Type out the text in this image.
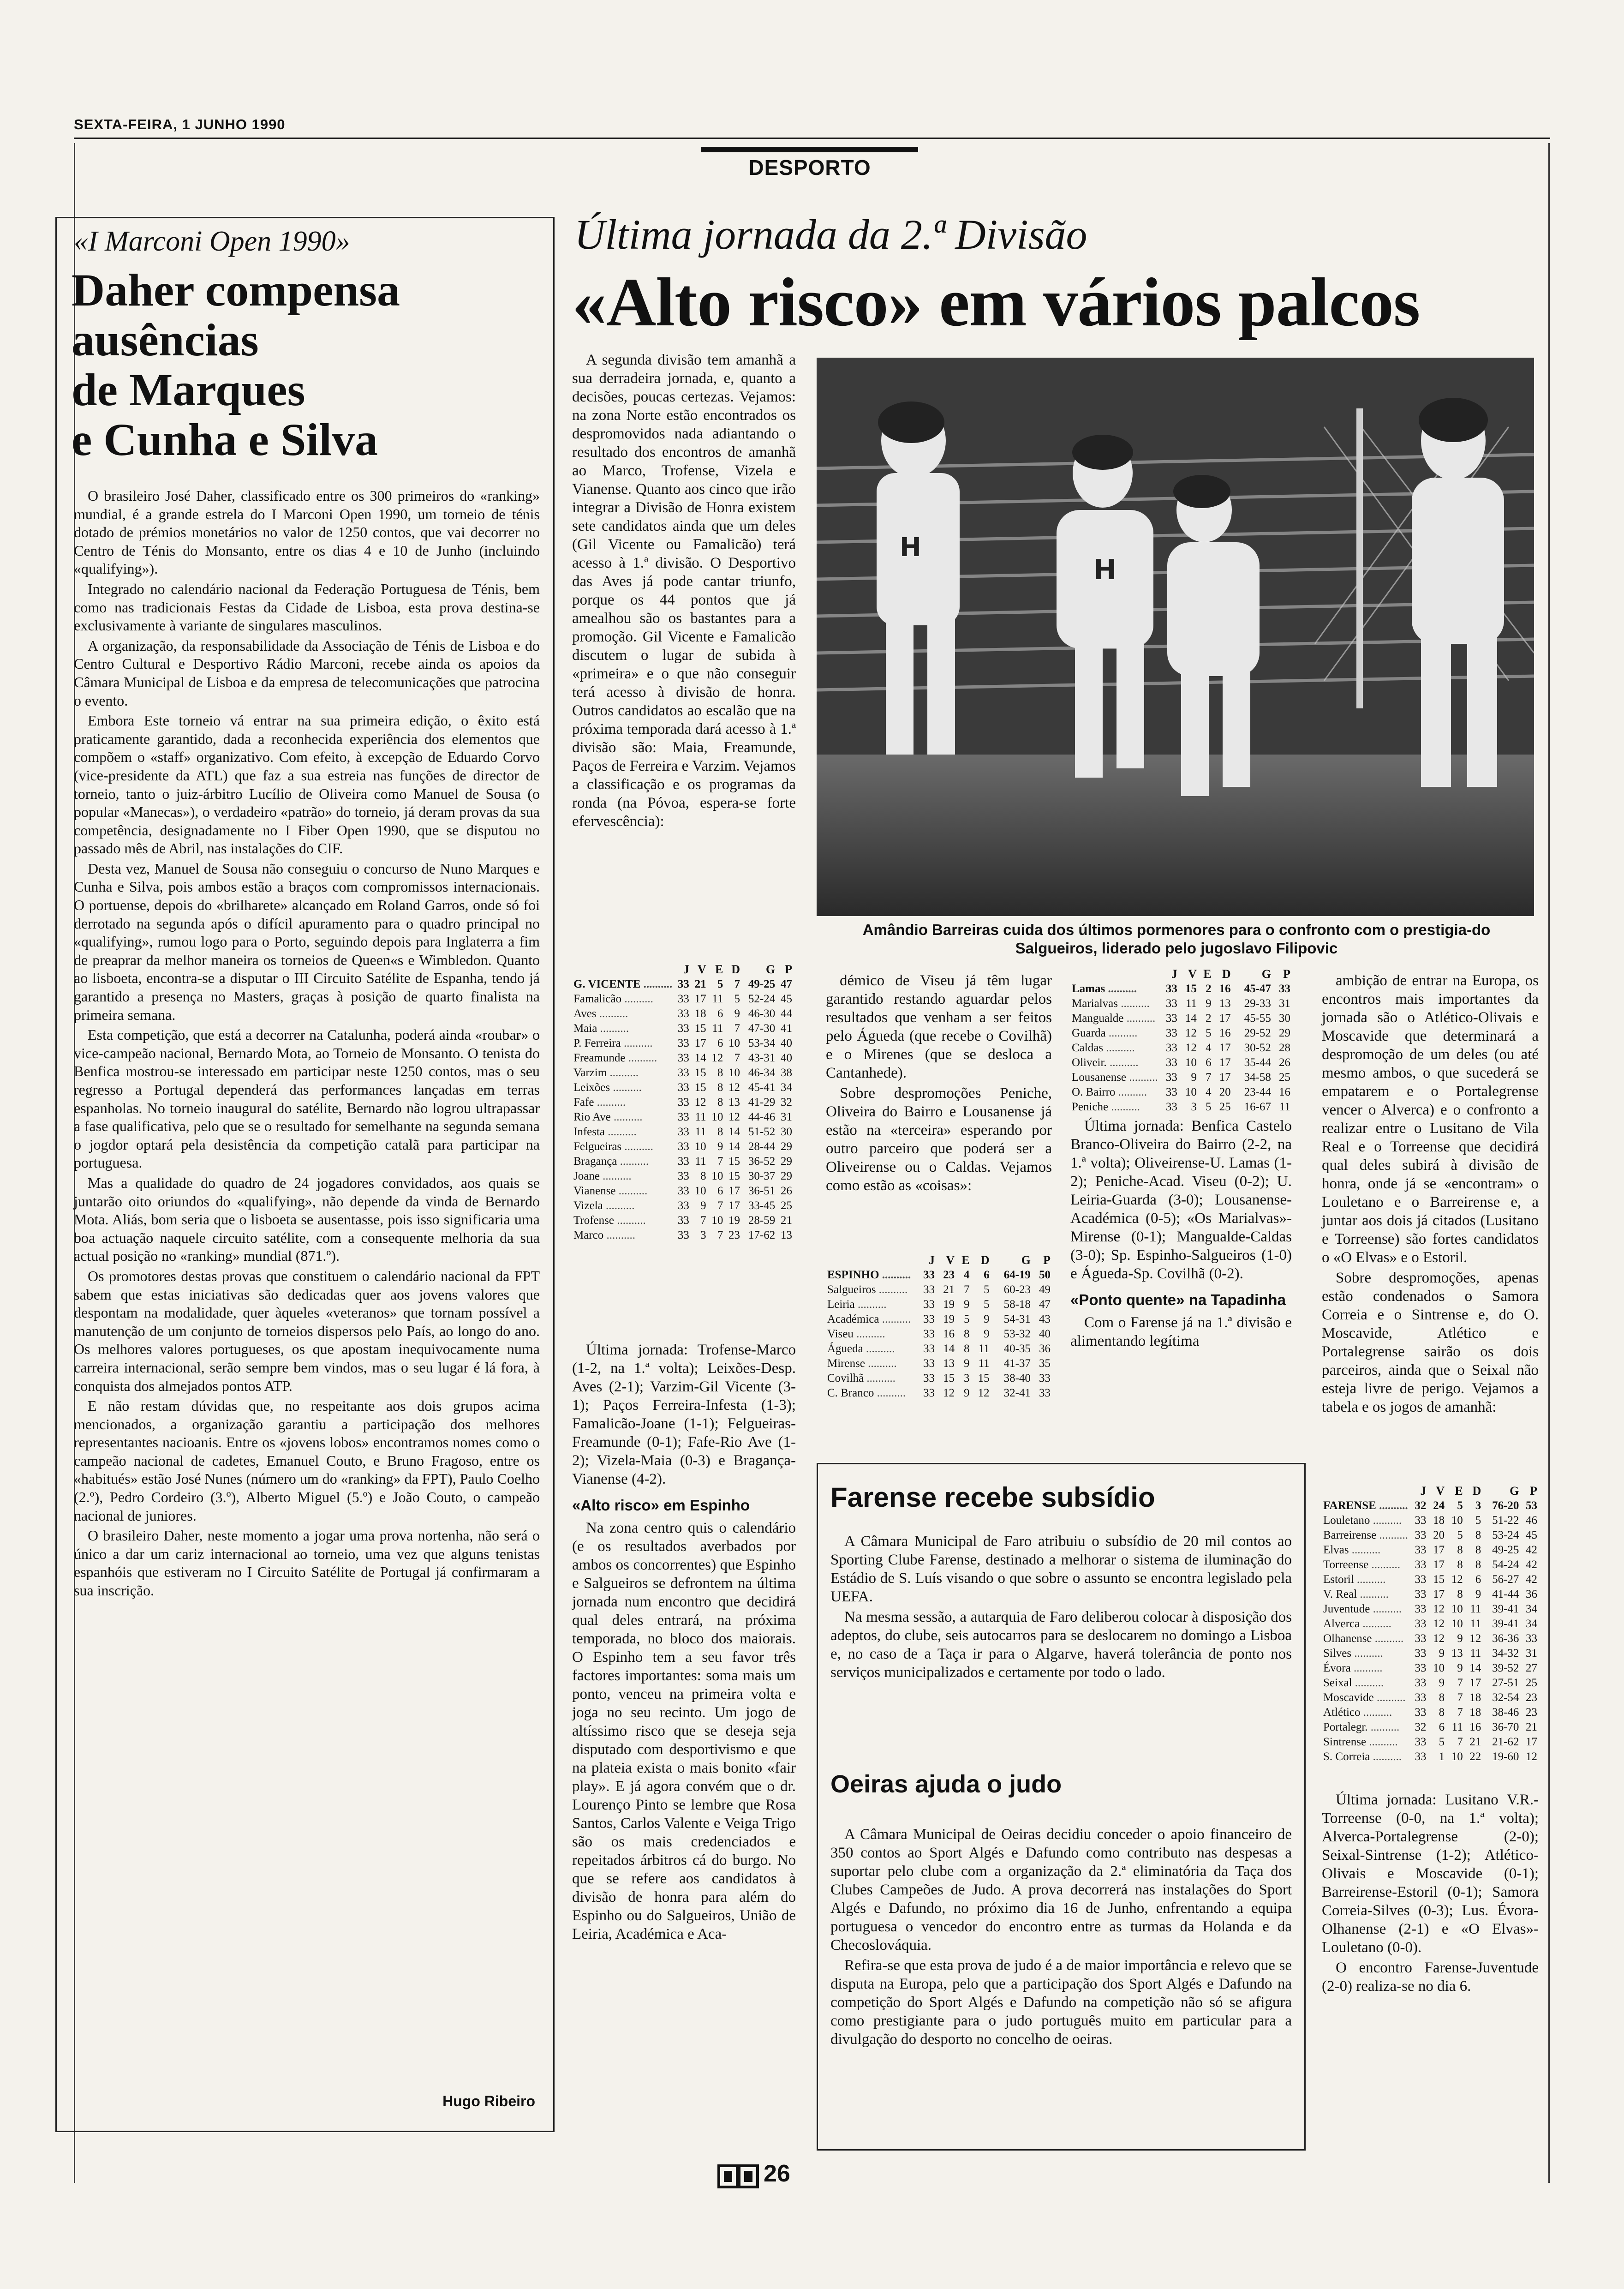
SEXTA-FEIRA, 1 JUNHO 1990
DESPORTO
«I Marconi Open 1990»
Daher compensa
ausências
de Marques
e Cunha e Silva

O brasileiro José Daher, classificado entre os 300 primeiros do «ranking» mundial, é a grande estrela do I Marconi Open 1990, um torneio de ténis dotado de prémios monetários no valor de 1250 contos, que vai decorrer no Centro de Ténis do Monsanto, entre os dias 4 e 10 de Junho (incluindo «qualifying»).

Integrado no calendário nacional da Federação Portuguesa de Ténis, bem como nas tradicionais Festas da Cidade de Lisboa, esta prova destina-se exclusivamente à variante de singulares masculinos.

A organização, da responsabilidade da Associação de Ténis de Lisboa e do Centro Cultural e Desportivo Rádio Marconi, recebe ainda os apoios da Câmara Municipal de Lisboa e da empresa de telecomunicações que patrocina o evento.

Embora Este torneio vá entrar na sua primeira edição, o êxito está praticamente garantido, dada a reconhecida experiência dos elementos que compõem o «staff» organizativo. Com efeito, à excepção de Eduardo Corvo (vice-presidente da ATL) que faz a sua estreia nas funções de director de torneio, tanto o juiz-árbitro Lucílio de Oliveira como Manuel de Sousa (o popular «Manecas»), o verdadeiro «patrão» do torneio, já deram provas da sua competência, designadamente no I Fiber Open 1990, que se disputou no passado mês de Abril, nas instalações do CIF.

Desta vez, Manuel de Sousa não conseguiu o concurso de Nuno Marques e Cunha e Silva, pois ambos estão a braços com compromissos internacionais. O portuense, depois do «brilharete» alcançado em Roland Garros, onde só foi derrotado na segunda após o difícil apuramento para o quadro principal no «qualifying», rumou logo para o Porto, seguindo depois para Inglaterra a fim de preaprar da melhor maneira os torneios de Queen«s e Wimbledon. Quanto ao lisboeta, encontra-se a disputar o III Circuito Satélite de Espanha, tendo já garantido a presença no Masters, graças à posição de quarto finalista na primeira semana.

Esta competição, que está a decorrer na Catalunha, poderá ainda «roubar» o vice-campeão nacional, Bernardo Mota, ao Torneio de Monsanto. O tenista do Benfica mostrou-se interessado em participar neste 1250 contos, mas o seu regresso a Portugal dependerá das performances lançadas em terras espanholas. No torneio inaugural do satélite, Bernardo não logrou ultrapassar a fase qualificativa, pelo que se o resultado for semelhante na segunda semana o jogdor optará pela desistência da competição catalã para participar na portuguesa.

Mas a qualidade do quadro de 24 jogadores convidados, aos quais se juntarão oito oriundos do «qualifying», não depende da vinda de Bernardo Mota. Aliás, bom seria que o lisboeta se ausentasse, pois isso significaria uma boa actuação naquele circuito satélite, com a consequente melhoria da sua actual posição no «ranking» mundial (871.º).

Os promotores destas provas que constituem o calendário nacional da FPT sabem que estas iniciativas são dedicadas quer aos jovens valores que despontam na modalidade, quer àqueles «veteranos» que tornam possível a manutenção de um conjunto de torneios dispersos pelo País, ao longo do ano. Os melhores valores portugueses, os que apostam inequivocamente numa carreira internacional, serão sempre bem vindos, mas o seu lugar é lá fora, à conquista dos almejados pontos ATP.

E não restam dúvidas que, no respeitante aos dois grupos acima mencionados, a organização garantiu a participação dos melhores representantes nacioanis. Entre os «jovens lobos» encontramos nomes como o campeão nacional de cadetes, Emanuel Couto, e Bruno Fragoso, entre os «habitués» estão José Nunes (número um do «ranking» da FPT), Paulo Coelho (2.º), Pedro Cordeiro (3.º), Alberto Miguel (5.º) e João Couto, o campeão nacional de juniores.

O brasileiro Daher, neste momento a jogar uma prova nortenha, não será o único a dar um cariz internacional ao torneio, uma vez que alguns tenistas espanhóis que estiveram no I Circuito Satélite de Portugal já confirmaram a sua inscrição.

Hugo Ribeiro
Última jornada da 2.ª Divisão
«Alto risco» em vários palcos

A segunda divisão tem amanhã a sua derradeira jornada, e, quanto a decisões, poucas certezas. Vejamos: na zona Norte estão encontrados os despromovidos nada adiantando o resultado dos encontros de amanhã ao Marco, Trofense, Vizela e Vianense. Quanto aos cinco que irão integrar a Divisão de Honra existem sete candidatos ainda que um deles (Gil Vicente ou Famalicão) terá acesso à 1.ª divisão. O Desportivo das Aves já pode cantar triunfo, porque os 44 pontos que já amealhou são os bastantes para a promoção. Gil Vicente e Famalicão discutem o lugar de subida à «primeira» e o que não conseguir terá acesso à divisão de honra. Outros candidatos ao escalão que na próxima temporada dará acesso à 1.ª divisão são: Maia, Freamunde, Paços de Ferreira e Varzim. Vejamos a classificação e os programas da ronda (na Póvoa, espera-se forte efervescência):

H
H
Amândio Barreiras cuida dos últimos pormenores para o confronto com o prestigia-do Salgueiros, liderado pelo jugoslavo Filipovic
	J	V	E	D	G	P
G. VICENTE ..........	33	21	5	7	49-25	47
Famalicão ..........	33	17	11	5	52-24	45
Aves ..........	33	18	6	9	46-30	44
Maia ..........	33	15	11	7	47-30	41
P. Ferreira ..........	33	17	6	10	53-34	40
Freamunde ..........	33	14	12	7	43-31	40
Varzim ..........	33	15	8	10	46-34	38
Leixões ..........	33	15	8	12	45-41	34
Fafe ..........	33	12	8	13	41-29	32
Rio Ave ..........	33	11	10	12	44-46	31
Infesta ..........	33	11	8	14	51-52	30
Felgueiras ..........	33	10	9	14	28-44	29
Bragança ..........	33	11	7	15	36-52	29
Joane ..........	33	8	10	15	30-37	29
Vianense ..........	33	10	6	17	36-51	26
Vizela ..........	33	9	7	17	33-45	25
Trofense ..........	33	7	10	19	28-59	21
Marco ..........	33	3	7	23	17-62	13

Última jornada: Trofense-Marco (1-2, na 1.ª volta); Leixões-Desp. Aves (2-1); Varzim-Gil Vicente (3-1); Paços Ferreira-Infesta (1-3); Famalicão-Joane (1-1); Felgueiras-Freamunde (0-1); Fafe-Rio Ave (1-2); Vizela-Maia (0-3) e Bragança-Vianense (4-2).

«Alto risco» em Espinho

Na zona centro quis o calendário (e os resultados averbados por ambos os concorrentes) que Espinho e Salgueiros se defrontem na última jornada num encontro que decidirá qual deles entrará, na próxima temporada, no bloco dos maiorais. O Espinho tem a seu favor três factores importantes: soma mais um ponto, venceu na primeira volta e joga no seu recinto. Um jogo de altíssimo risco que se deseja seja disputado com desportivismo e que na plateia exista o mais bonito «fair play». E já agora convém que o dr. Lourenço Pinto se lembre que Rosa Santos, Carlos Valente e Veiga Trigo são os mais credenciados e repeitados árbitros cá do burgo. No que se refere aos candidatos à divisão de honra para além do Espinho ou do Salgueiros, União de Leiria, Académica e Aca-

démico de Viseu já têm lugar garantido restando aguardar pelos resultados que venham a ser feitos pelo Águeda (que recebe o Covilhã) e o Mirenes (que se desloca a Cantanhede).

Sobre despromoções Peniche, Oliveira do Bairro e Lousanense já estão na «terceira» esperando por outro parceiro que poderá ser a Oliveirense ou o Caldas. Vejamos como estão as «coisas»:

	J	V	E	D	G	P
ESPINHO ..........	33	23	4	6	64-19	50
Salgueiros ..........	33	21	7	5	60-23	49
Leiria ..........	33	19	9	5	58-18	47
Académica ..........	33	19	5	9	54-31	43
Viseu ..........	33	16	8	9	53-32	40
Águeda ..........	33	14	8	11	40-35	36
Mirense ..........	33	13	9	11	41-37	35
Covilhã ..........	33	15	3	15	38-40	33
C. Branco ..........	33	12	9	12	32-41	33
	J	V	E	D	G	P
Lamas ..........	33	15	2	16	45-47	33
Marialvas ..........	33	11	9	13	29-33	31
Mangualde ..........	33	14	2	17	45-55	30
Guarda ..........	33	12	5	16	29-52	29
Caldas ..........	33	12	4	17	30-52	28
Oliveir. ..........	33	10	6	17	35-44	26
Lousanense ..........	33	9	7	17	34-58	25
O. Bairro ..........	33	10	4	20	23-44	16
Peniche ..........	33	3	5	25	16-67	11

Última jornada: Benfica Castelo Branco-Oliveira do Bairro (2-2, na 1.ª volta); Oliveirense-U. Lamas (1-2); Peniche-Acad. Viseu (0-2); U. Leiria-Guarda (3-0); Lousanense-Académica (0-5); «Os Marialvas»-Mirense (0-1); Mangualde-Caldas (3-0); Sp. Espinho-Salgueiros (1-0) e Águeda-Sp. Covilhã (0-2).

«Ponto quente» na Tapadinha

Com o Farense já na 1.ª divisão e alimentando legítima

ambição de entrar na Europa, os encontros mais importantes da jornada são o Atlético-Olivais e Moscavide que determinará a despromoção de um deles (ou até mesmo ambos, o que sucederá se empatarem e o Portalegrense vencer o Alverca) e o confronto a realizar entre o Lusitano de Vila Real e o Torreense que decidirá qual deles subirá à divisão de honra, onde já se «encontram» o Louletano e o Barreirense e, a juntar aos dois já citados (Lusitano e Torreense) são fortes candidatos o «O Elvas» e o Estoril.

Sobre despromoções, apenas estão condenados o Samora Correia e o Sintrense e, do O. Moscavide, Atlético e Portalegrense sairão os dois parceiros, ainda que o Seixal não esteja livre de perigo. Vejamos a tabela e os jogos de amanhã:

	J	V	E	D	G	P
FARENSE ..........	32	24	5	3	76-20	53
Louletano ..........	33	18	10	5	51-22	46
Barreirense ..........	33	20	5	8	53-24	45
Elvas ..........	33	17	8	8	49-25	42
Torreense ..........	33	17	8	8	54-24	42
Estoril ..........	33	15	12	6	56-27	42
V. Real ..........	33	17	8	9	41-44	36
Juventude ..........	33	12	10	11	39-41	34
Alverca ..........	33	12	10	11	39-41	34
Olhanense ..........	33	12	9	12	36-36	33
Silves ..........	33	9	13	11	34-32	31
Évora ..........	33	10	9	14	39-52	27
Seixal ..........	33	9	7	17	27-51	25
Moscavide ..........	33	8	7	18	32-54	23
Atlético ..........	33	8	7	18	38-46	23
Portalegr. ..........	32	6	11	16	36-70	21
Sintrense ..........	33	5	7	21	21-62	17
S. Correia ..........	33	1	10	22	19-60	12

Última jornada: Lusitano V.R.-Torreense (0-0, na 1.ª volta); Alverca-Portalegrense (2-0); Seixal-Sintrense (1-2); Atlético-Olivais e Moscavide (0-1); Barreirense-Estoril (0-1); Samora Correia-Silves (0-3); Lus. Évora-Olhanense (2-1) e «O Elvas»-Louletano (0-0).

O encontro Farense-Juventude (2-0) realiza-se no dia 6.

Farense recebe subsídio

A Câmara Municipal de Faro atribuiu o subsídio de 20 mil contos ao Sporting Clube Farense, destinado a melhorar o sistema de iluminação do Estádio de S. Luís visando o que sobre o assunto se encontra legislado pela UEFA.

Na mesma sessão, a autarquia de Faro deliberou colocar à disposição dos adeptos, do clube, seis autocarros para se deslocarem no domingo a Lisboa e, no caso de a Taça ir para o Algarve, haverá tolerância de ponto nos serviços municipalizados e certamente por todo o lado.

Oeiras ajuda o judo

A Câmara Municipal de Oeiras decidiu conceder o apoio financeiro de 350 contos ao Sport Algés e Dafundo como contributo nas despesas a suportar pelo clube com a organização da 2.ª eliminatória da Taça dos Clubes Campeões de Judo. A prova decorrerá nas instalações do Sport Algés e Dafundo, no próximo dia 16 de Junho, enfrentando a equipa portuguesa o vencedor do encontro entre as turmas da Holanda e da Checoslováquia.

Refira-se que esta prova de judo é a de maior importância e relevo que se disputa na Europa, pelo que a participação dos Sport Algés e Dafundo na competição do Sport Algés e Dafundo na competição não só se afigura como prestigiante para o judo português muito em particular para a divulgação do desporto no concelho de oeiras.

26
